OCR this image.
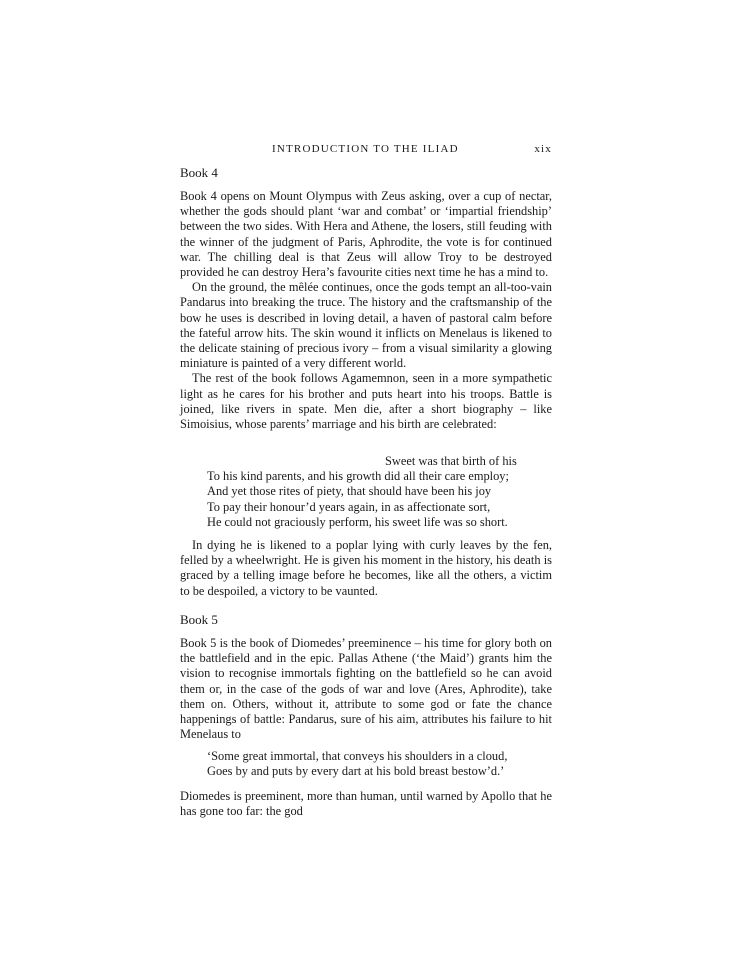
INTRODUCTION TO THE ILIAD	xix
Book 4

Book 4 opens on Mount Olympus with Zeus asking, over a cup of nectar, whether the gods should plant ‘war and combat’ or ‘impartial friendship’ between the two sides. With Hera and Athene, the losers, still feuding with the winner of the judgment of Paris, Aphrodite, the vote is for continued war. The chilling deal is that Zeus will allow Troy to be destroyed provided he can destroy Hera’s favourite cities next time he has a mind to.

On the ground, the mêlée continues, once the gods tempt an all-too-vain Pandarus into breaking the truce. The history and the craftsmanship of the bow he uses is described in loving detail, a haven of pastoral calm before the fateful arrow hits. The skin wound it inflicts on Menelaus is likened to the delicate staining of precious ivory – from a visual similarity a glowing miniature is painted of a very different world.

The rest of the book follows Agamemnon, seen in a more sympathetic light as he cares for his brother and puts heart into his troops. Battle is joined, like rivers in spate. Men die, after a short biography – like Simoisius, whose parents’ marriage and his birth are celebrated:

Sweet was that birth of his
To his kind parents, and his growth did all their care employ;
And yet those rites of piety, that should have been his joy
To pay their honour’d years again, in as affectionate sort,
He could not graciously perform, his sweet life was so short.

In dying he is likened to a poplar lying with curly leaves by the fen, felled by a wheelwright. He is given his moment in the history, his death is graced by a telling image before he becomes, like all the others, a victim to be despoiled, a victory to be vaunted.

Book 5

Book 5 is the book of Diomedes’ preeminence – his time for glory both on the battlefield and in the epic. Pallas Athene (‘the Maid’) grants him the vision to recognise immortals fighting on the battlefield so he can avoid them or, in the case of the gods of war and love (Ares, Aphrodite), take them on. Others, without it, attribute to some god or fate the chance happenings of battle: Pandarus, sure of his aim, attributes his failure to hit Menelaus to

‘Some great immortal, that conveys his shoulders in a cloud,
Goes by and puts by every dart at his bold breast bestow’d.’

Diomedes is preeminent, more than human, until warned by Apollo that he has gone too far: the god
